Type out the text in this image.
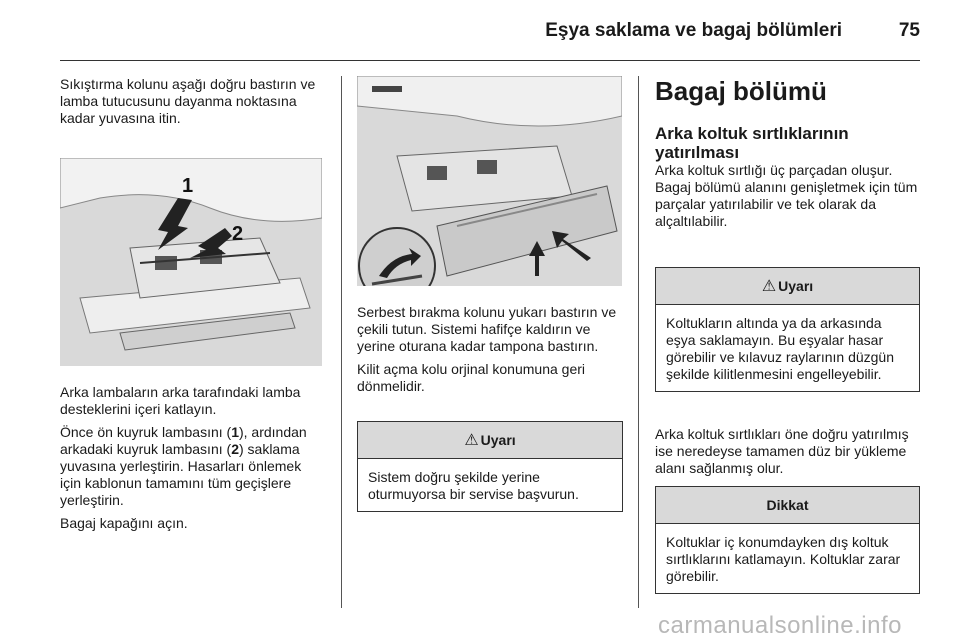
Eşya saklama ve bagaj bölümleri	75

Sıkıştırma kolunu aşağı doğru bastırın ve lamba tutucusunu dayanma noktasına kadar yuvasına itin.

1
2

Arka lambaların arka tarafındaki lamba desteklerini içeri katlayın.

Önce ön kuyruk lambasını (1), ardından arkadaki kuyruk lambasını (2) saklama yuvasına yerleştirin. Hasarları önlemek için kablonun tamamını tüm geçişlere yerleştirin.

Bagaj kapağını açın.

Serbest bırakma kolunu yukarı bastırın ve çekili tutun. Sistemi hafifçe kaldırın ve yerine oturana kadar tampona bastırın.

Kilit açma kolu orjinal konumuna geri dönmelidir.

⚠ Uyarı

Sistem doğru şekilde yerine oturmuyorsa bir servise başvurun.

Bagaj bölümü
Arka koltuk sırtlıklarının yatırılması

Arka koltuk sırtlığı üç parçadan oluşur. Bagaj bölümü alanını genişletmek için tüm parçalar yatırılabilir ve tek olarak da alçaltılabilir.

⚠ Uyarı

Koltukların altında ya da arkasında eşya saklamayın. Bu eşyalar hasar görebilir ve kılavuz raylarının düzgün şekilde kilitlenmesini engelleyebilir.

Arka koltuk sırtlıkları öne doğru yatırılmış ise neredeyse tamamen düz bir yükleme alanı sağlanmış olur.

Dikkat

Koltuklar iç konumdayken dış koltuk sırtlıklarını katlamayın. Koltuklar zarar görebilir.

carmanualsonline.info
